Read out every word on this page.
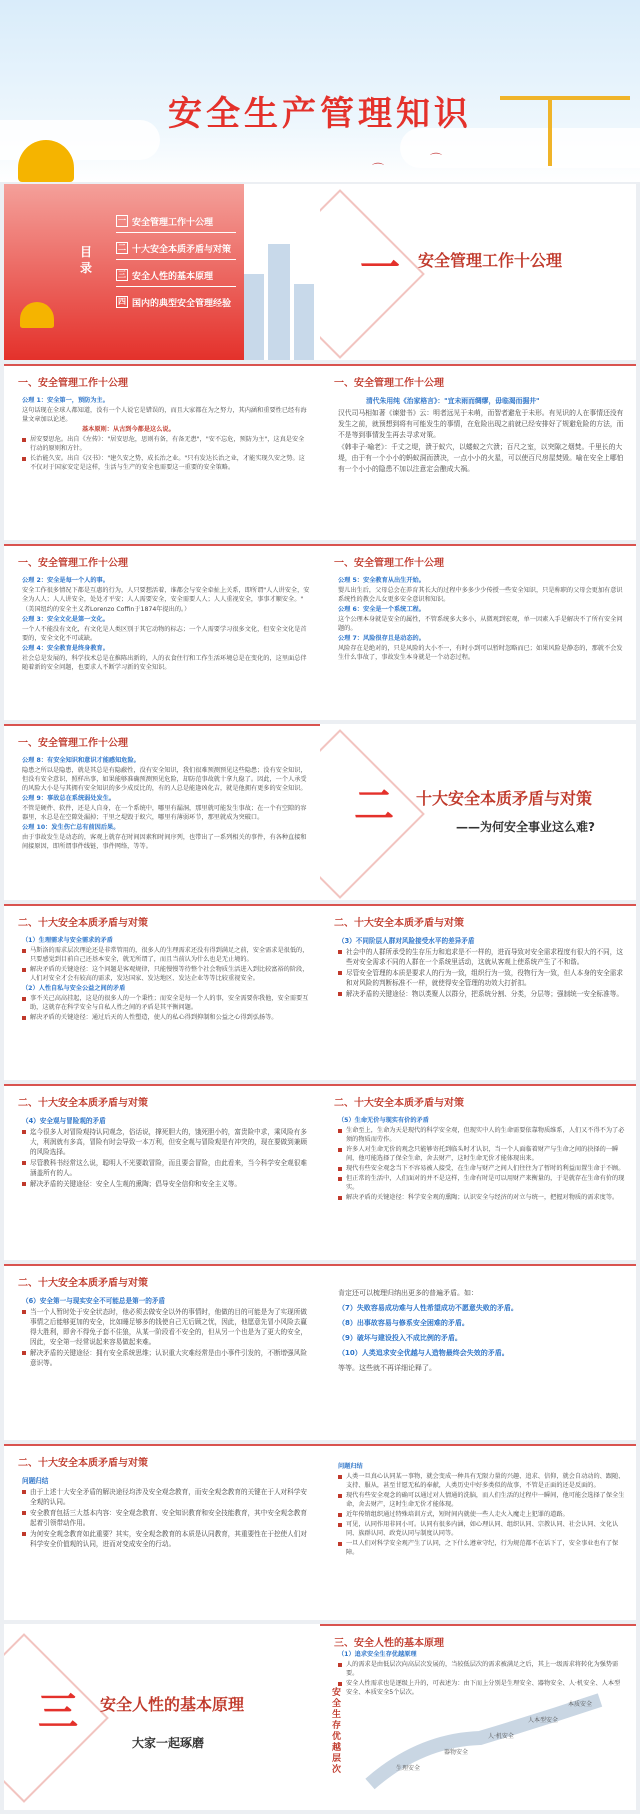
⌒
⌒
安全生产管理知识
目录
一 安全管理工作十公理
二 十大安全本质矛盾与对策
三 安全人性的基本原理
四 国内的典型安全管理经验
一 安全管理工作十公理
一、安全管理工作十公理

公理 1：安全第一，预防为主。

这句话现在全球人都知道，没有一个人说它是错误的，而且大家都在为之努力，其内涵和重要性已经有海量文章加以论述。

基本原则：从古到今都是这么说。

居安要思危。出自《左传》："居安思危，思则有备，有备无患"，"安不忘危，预防为主"，这真是安全行动的原则和方针。

长治能久安。出自《汉书》："建久安之势，成长治之业。"只有发达长治之业，才能实现久安之势。这不仅对于国家安定是这样，生活与生产的安全也需要这一重要的安全策略。

一、安全管理工作十公理

清代朱用纯《治家格言》："宜未雨而绸缪，毋临渴而掘井"

汉代司马相如著《谏猎书》云：明者远见于未萌，而智者避危于未形。有见识的人在事情还没有发生之前，就预想到将有可能发生的事情，在危险出现之前就已经安排好了规避危险的方法，而不是等到事情发生再去寻求对策。

《韩非子·喻老》：千丈之堤，溃于蚁穴，以蝼蚁之穴溃；百尺之室，以突隙之烟焚。千里长的大堤，由于有一个小小的蚂蚁洞而溃决，一点小小的火星，可以使百尺房屋焚毁。喻在安全上哪怕有一个小小的隐患不加以注意定会酿成大祸。

一、安全管理工作十公理

公理 2：安全是每一个人的事。

安全工作很多情况下都是互惠的行为，人只要想活着，谁都会与安全牵扯上关系，即所谓"人人讲安全，安全为人人；人人讲安全，处处才平安；人人需要安全，安全需要人人；人人重视安全，事事才顺安全。"

（美国纽约的安全主义者Lorenzo Coffin于1874年提出的。）

公理 3：安全文化是第一文化。

一个人不能没有文化，有文化是人类区别于其它动物的标志；一个人需要学习很多文化，但安全文化是首要的，安全文化不可或缺。

公理 4：安全教育是终身教育。

社会总是发展的，科学技术总是在推陈出新的，人的衣食住行和工作生活环境总是在变化的，这里面总伴随着新的安全问题，也要求人不断学习新的安全知识。

一、安全管理工作十公理

公理 5：安全教育从出生开始。

婴儿出生后，父母总会在养育其长大的过程中多多少少传授一些安全知识，只是称职的父母会更加有意识系统性的教会儿女更多安全意识和知识。

公理 6：安全是一个系统工程。

这个公理本身就是安全的属性，不管系统多大多小，从微观到宏观，单一因素入手是解决不了所有安全问题的。

公理 7：风险很存且是动态的。

风险存在是绝对的，只是风险的大小不一，有时小到可以暂时忽略而已；如果风险是静态的，那就不会发生什么事故了，事故发生本身就是一个动态过程。

一、安全管理工作十公理

公理 8：有安全知识和意识才能感知危险。

隐患之所以是隐患，就是其总是有隐蔽性，没有安全知识，我们很难预测预见这些隐患；没有安全知识，但没有安全意识，照样出事，如果能够准确预测预见危险，却防范事故就十拿九稳了。因此，一个人承受的风险大小是与其拥有安全知识的多少成反比的，有的人总是能逢凶化吉，就是他拥有更多的安全知识。

公理 9：事故总在系统弱处发生。

不管是硬件、软件，还是人自身，在一个系统中，哪里有漏洞，那里就可能发生事故；在一个有空隙的容器里，水总是在空隙处漏掉；干里之堤毁于蚁穴，哪里有薄弱环节，那里就成为突破口。

公理 10：发生伤亡总有前因后果。

由于事故发生是动态的，客观上就存在时间因素和时间序列，也带出了一系列相关的事件，有各种直接和间接原因，即所谓事件线链，事件网络，等等。

二 十大安全本质矛盾与对策
——为何安全事业这么难?
二、十大安全本质矛盾与对策

（1）生理需求与安全需求的矛盾

马斯洛的需求层次理论还是非常管用的，很多人的生理需求还没有得到满足之前，安全需求是很低的，只要感觉到目前自己还基本安全，就无所谓了，而且当前认为什么也是无止境的。

解决矛盾的关键途径：这个问题是客观规律，只能慢慢等待整个社会物质生活进入到比较富裕的阶段，人们对安全才会有较高的需求，发达国家、发达地区、发达企业等等比较重视安全。

（2）人性自私与安全公益之间的矛盾

事不关己高高挂起，这是的很多人的一个秉性；而安全是每一个人的事，安全需要你我他，安全需要互助，这就存在科学安全与自私人性之间的矛盾是其平衡问题。

解决矛盾的关键途径：通过后天的人性塑造，使人的私心得到抑制和公益之心得到弘扬等。

二、十大安全本质矛盾与对策

（3）不同阶层人群对风险接受水平的差异矛盾

社会中的人群所承受的生存压力和追求是不一样的，进而导致对安全需求程度有很大的不同，这些对安全需求不同的人群在一个系统里活动，这就从客观上使系统产生了不和谐。

尽管安全管理的本质是要求人的行为一致，组织行为一致，役物行为一致，但人本身的安全需求和对风险的判断标准不一样，就使得安全管理的功效大打折扣。

解决矛盾的关键途径：物以类聚人以群分，把系统分割、分类，分层等；强制统一安全标准等。

二、十大安全本质矛盾与对策

（4）安全观与冒险观的矛盾

迄今很多人对冒险观持认同观念，俗话说，撑死胆大的，饿死胆小的，富贵险中求，乘风险有多大，利润就有多高，冒险有时会导致一本万利，但安全观与冒险观是有冲突的，现在要做到兼顾的风险选择。

尽管教科书经常这么说，聪明人不光要敢冒险，而且要会冒险，由此看来，当今科学安全观很难涵盖所有的人。

解决矛盾的关键途径：安全人生观的熏陶；倡导安全信仰和安全主义等。

二、十大安全本质矛盾与对策

（5）生命无价与现实有价的矛盾

生命至上，生命为天是现代的科学安全观，但现实中人的生命需要依靠物质维系，人们又不得不为了必须的物质而劳作。

许多人对生命无价的观念只能够寄托到临头时才认识，当一个人面临着财产与生命之间的抉择的一瞬间，他可能选择了保全生命，舍去财产，这时生命无价才能体现出来。

现代有些安全观念当下不容易被人接受，在生命与财产之间人们往往为了暂时的利益而置生命于不顾。

但正常的生活中，人们面对的并不是这样，生命有时是可以用财产来衡量的，于是就存在生命有价的现实。

解决矛盾的关键途径：科学安全观的熏陶；认识安全与经济的对立与统一，把握对物质的需求度等。

二、十大安全本质矛盾与对策

（6）安全第一与现实安全不可能总是第一的矛盾

当一个人暂时处于安全状态时，他必须去做安全以外的事情时，他做的目的可能是为了实现所做事情之后能够更加的安全，比如睡足够多的钱使自己无后顾之忧，因此，他愿意先冒小风险去赢得大胜利，即舍不得免子套不住狼，从某一阶段看不安全的，但从另一个也是为了更大的安全，因此，安全第一经常说起来容易做起来难。

解决矛盾的关键途径：拥有安全系统思维；认识重大灾难经常是由小事件引发的，不断增强风险意识等。

肯定还可以梳理归纳出更多的普遍矛盾。如：

（7）失败容易成功难与人性希望成功不愿意失败的矛盾。

（8）出事故容易与修系安全困难的矛盾。

（9）破坏与建设投入不成比例的矛盾。

（10）人类追求安全优越与人造物最终会失效的矛盾。

等等。这些就不再详细论释了。

二、十大安全本质矛盾与对策

问题归结

由于上述十大安全矛盾的解决途径均涉及安全观念教育，而安全观念教育的关键在于人对科学安全观的认同。

安全教育包括三大基本内容：安全观念教育、安全知识教育和安全技能教育，其中安全观念教育起着引领带动作用。

为何安全观念教育如此重要？其实，安全观念教育的本质是认同教育，其重要性在于挖使人们对科学安全价值观的认同，进而对变成安全的行动。

问题归结

人类一旦真心认同某一事物，就会变成一种具有无限力量的兴趣、追求、信仰，就会自动动的、跟随、支持、服从，甚至甘愿无私的奉献，人类历史中好多类似的故事，不管是正面的还是反面的。

现代有些安全观念的确可以通过对人情通的洗脑，而人们生活的过程中一瞬间，他可能会选择了保全生命，舍去财产，这时生命无价才能体现。

近年传销组织通过特殊培训方式，短时间内就使一些人走火入魔走上犯罪的道路。

可见，认同作用非同小可。认同有很多内涵，如心理认同、组织认同、宗教认同、社会认同、文化认同、族群认同、政党认同与制度认同等。

一旦人们对科学安全观产生了认同，之下什么遵章守纪，行为规范都不在话下了，安全事业也有了保障。

三 安全人性的基本原理
大家一起琢磨
三、安全人性的基本原理

（1）追求安全生存优越原理

人的需求是由低层次向高层次发展的，当较低层次的需求被满足之后，其上一级需求将转化为强势需要。

安全人性需求也是逐级上升的，可表述为：由下而上分别是生理安全、器物安全、人·机安全、人本型安全、本质安全5个层次。

安全生存优越层次	生理安全
器物安全
人·机安全
人本型安全
本质安全
